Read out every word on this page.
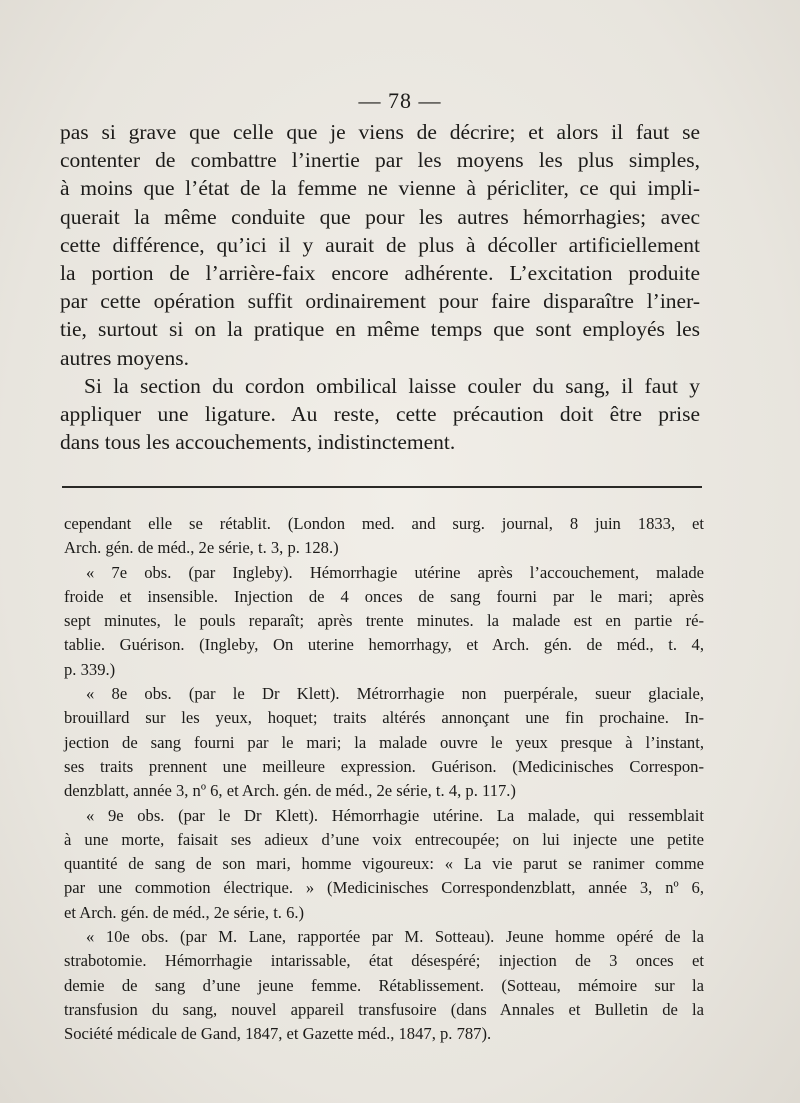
— 78 —
pas si grave que celle que je viens de décrire; et alors il faut se
contenter de combattre l’inertie par les moyens les plus simples,
à moins que l’état de la femme ne vienne à péricliter, ce qui impli-
querait la même conduite que pour les autres hémorrhagies; avec
cette différence, qu’ici il y aurait de plus à décoller artificiellement
la portion de l’arrière-faix encore adhérente. L’excitation produite
par cette opération suffit ordinairement pour faire disparaître l’iner-
tie, surtout si on la pratique en même temps que sont employés les
autres moyens.
Si la section du cordon ombilical laisse couler du sang, il faut y
appliquer une ligature. Au reste, cette précaution doit être prise
dans tous les accouchements, indistinctement.
cependant elle se rétablit. (London med. and surg. journal, 8 juin 1833, et
Arch. gén. de méd., 2e série, t. 3, p. 128.)
« 7e obs. (par Ingleby). Hémorrhagie utérine après l’accouchement, malade
froide et insensible. Injection de 4 onces de sang fourni par le mari; après
sept minutes, le pouls reparaît; après trente minutes. la malade est en partie ré-
tablie. Guérison. (Ingleby, On uterine hemorrhagy, et Arch. gén. de méd., t. 4,
p. 339.)
« 8e obs. (par le Dr Klett). Métrorrhagie non puerpérale, sueur glaciale,
brouillard sur les yeux, hoquet; traits altérés annonçant une fin prochaine. In-
jection de sang fourni par le mari; la malade ouvre le yeux presque à l’instant,
ses traits prennent une meilleure expression. Guérison. (Medicinisches Correspon-
denzblatt, année 3, nº 6, et Arch. gén. de méd., 2e série, t. 4, p. 117.)
« 9e obs. (par le Dr Klett). Hémorrhagie utérine. La malade, qui ressemblait
à une morte, faisait ses adieux d’une voix entrecoupée; on lui injecte une petite
quantité de sang de son mari, homme vigoureux: « La vie parut se ranimer comme
par une commotion électrique. » (Medicinisches Correspondenzblatt, année 3, nº 6,
et Arch. gén. de méd., 2e série, t. 6.)
« 10e obs. (par M. Lane, rapportée par M. Sotteau). Jeune homme opéré de la
strabotomie. Hémorrhagie intarissable, état désespéré; injection de 3 onces et
demie de sang d’une jeune femme. Rétablissement. (Sotteau, mémoire sur la
transfusion du sang, nouvel appareil transfusoire (dans Annales et Bulletin de la
Société médicale de Gand, 1847, et Gazette méd., 1847, p. 787).
